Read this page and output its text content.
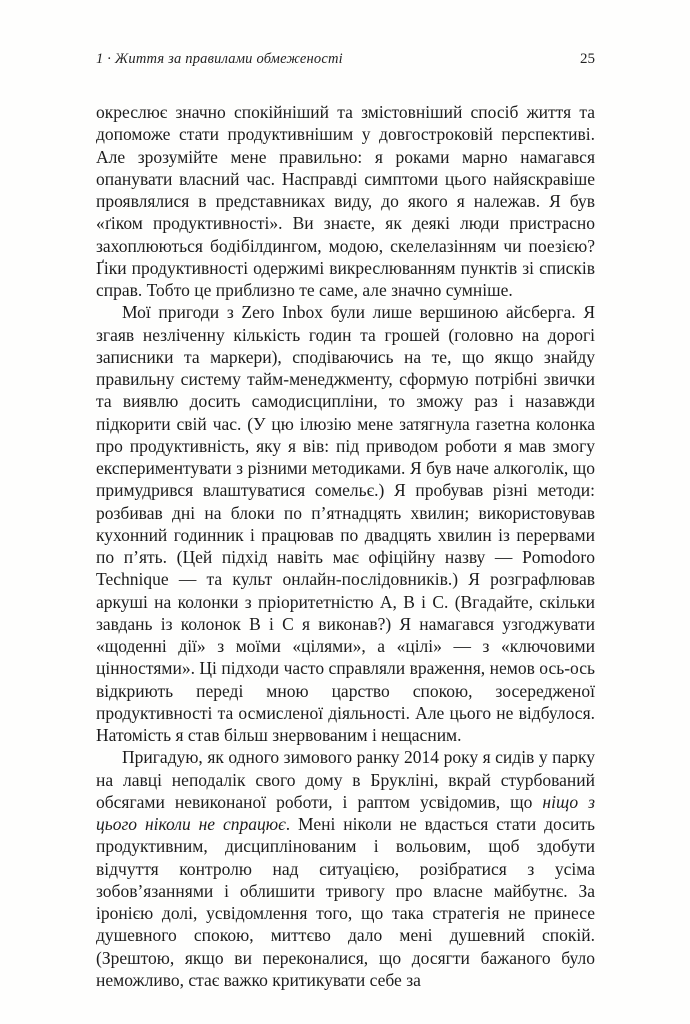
1 · Життя за правилами обмеженості	25

окреслює значно спокійніший та змістовніший спосіб життя та допоможе стати продуктивнішим у довгостроковій перспективі. Але зрозумійте мене правильно: я роками марно намагався опанувати власний час. Насправді симптоми цього найяскравіше проявлялися в представниках виду, до якого я належав. Я був «ґіком продуктивності». Ви знаєте, як деякі люди пристрасно захоплюються бодібілдингом, модою, скелелазінням чи поезією? Ґіки продуктивності одержимі викреслюванням пунктів зі списків справ. Тобто це приблизно те саме, але значно сумніше.

Мої пригоди з Zero Inbox були лише вершиною айсберга. Я згаяв незліченну кількість годин та грошей (головно на дорогі записники та маркери), сподіваючись на те, що якщо знайду правильну систему тайм-менеджменту, сформую потрібні звички та виявлю досить самодисципліни, то зможу раз і назавжди підкорити свій час. (У цю ілюзію мене затягнула газетна колонка про продуктивність, яку я вів: під приводом роботи я мав змогу експериментувати з різними методиками. Я був наче алкоголік, що примудрився влаштуватися сомельє.) Я пробував різні методи: розбивав дні на блоки по п’ятнадцять хвилин; використовував кухонний годинник і працював по двадцять хвилин із перервами по п’ять. (Цей підхід навіть має офіційну назву — Pomodoro Technique — та культ онлайн-послідовників.) Я розграфлював аркуші на колонки з пріоритетністю А, В і С. (Вгадайте, скільки завдань із колонок В і С я виконав?) Я намагався узгоджувати «щоденні дії» з моїми «цілями», а «цілі» — з «ключовими цінностями». Ці підходи часто справляли враження, немов ось-ось відкриють переді мною царство спокою, зосередженої продуктивності та осмисленої діяльності. Але цього не відбулося. Натомість я став більш знервованим і нещасним.

Пригадую, як одного зимового ранку 2014 року я сидів у парку на лавці неподалік свого дому в Брукліні, вкрай стурбований обсягами невиконаної роботи, і раптом усвідомив, що ніщо з цього ніколи не спрацює. Мені ніколи не вдасться стати досить продуктивним, дисциплінованим і вольовим, щоб здобути відчуття контролю над ситуацією, розібратися з усіма зобов’язаннями і облишити тривогу про власне майбутнє. За іронією долі, усвідомлення того, що така стратегія не принесе душевного спокою, миттєво дало мені душевний спокій. (Зрештою, якщо ви переконалися, що досягти бажаного було неможливо, стає важко критикувати себе за
